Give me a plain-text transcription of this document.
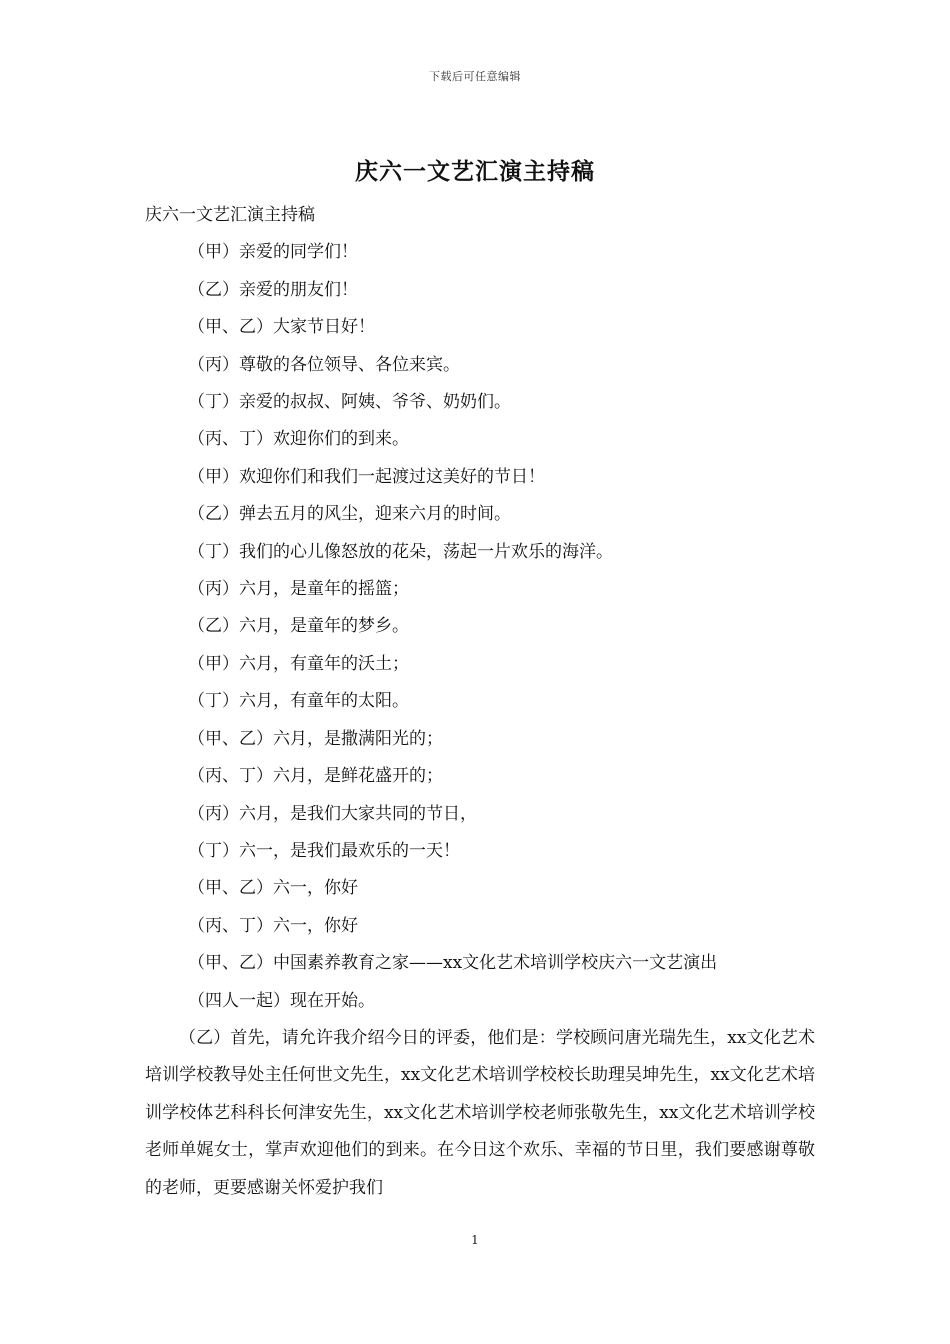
下载后可任意编辑
庆六一文艺汇演主持稿

庆六一文艺汇演主持稿

（甲）亲爱的同学们！

（乙）亲爱的朋友们！

（甲、乙）大家节日好！

（丙）尊敬的各位领导、各位来宾。

（丁）亲爱的叔叔、阿姨、爷爷、奶奶们。

（丙、丁）欢迎你们的到来。

（甲）欢迎你们和我们一起渡过这美好的节日！

（乙）弹去五月的风尘，迎来六月的时间。

（丁）我们的心儿像怒放的花朵，荡起一片欢乐的海洋。

（丙）六月，是童年的摇篮；

（乙）六月，是童年的梦乡。

（甲）六月，有童年的沃土；

（丁）六月，有童年的太阳。

（甲、乙）六月，是撒满阳光的；

（丙、丁）六月，是鲜花盛开的；

（丙）六月，是我们大家共同的节日，

（丁）六一，是我们最欢乐的一天！

（甲、乙）六一，你好

（丙、丁）六一，你好

（甲、乙）中国素养教育之家——xx文化艺术培训学校庆六一文艺演出

（四人一起）现在开始。

（乙）首先，请允许我介绍今日的评委，他们是：学校顾问唐光瑞先生，xx文化艺术培训学校教导处主任何世文先生，xx文化艺术培训学校校长助理吴坤先生，xx文化艺术培训学校体艺科科长何津安先生，xx文化艺术培训学校老师张敬先生，xx文化艺术培训学校老师单娓女士，掌声欢迎他们的到来。在今日这个欢乐、幸福的节日里，我们要感谢尊敬的老师，更要感谢关怀爱护我们

1
